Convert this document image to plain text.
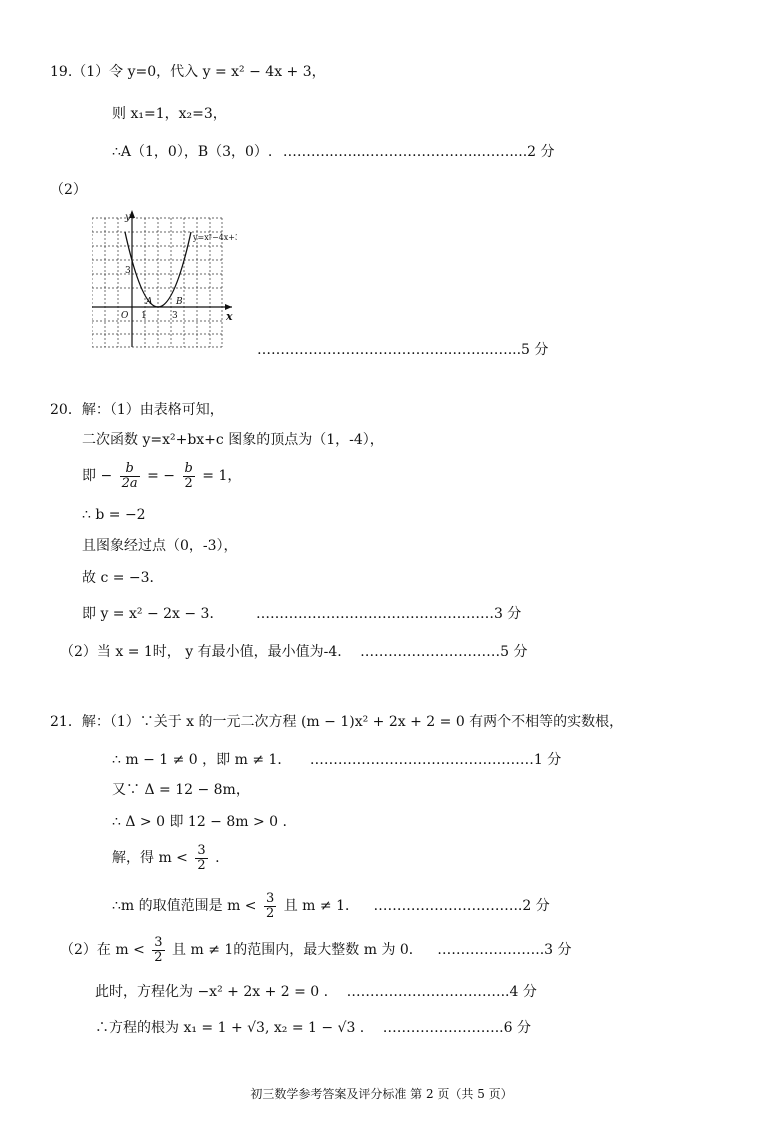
19.（1）令 y=0，代入 y = x² − 4x + 3，
则 x₁=1，x₂=3，
∴A（1，0），B（3，0）. ………...…....…………………...……....2 分
（2）
y
x
O 1	3
3
A	B
y=x²−4x+3
…………………………………...……...…...5 分
20．解：（1）由表格可知，
二次函数 y=x²+bx+c 图象的顶点为（1，-4），
即 − $\frac{b}{2a}$ = − $\frac{b}{2} = 1$，
∴ b = −2
且图象经过点（0，-3），
故 c = −3．
即 y = x² − 2x − 3． ……………………………………………3 分
（2）当 x = 1时， y 有最小值，最小值为-4. …………………………5 分
21．解：（1）∵关于 x 的一元二次方程 (m − 1)x² + 2x + 2 = 0 有两个不相等的实数根，
∴ m − 1 ≠ 0 ，即 m ≠ 1． …………………………………………1 分
又∵ Δ = 12 − 8m，
∴ Δ > 0 即 12 − 8m > 0 .
解，得 $m < \frac{3}{2}$ .
∴m 的取值范围是 $m < \frac{3}{2}$ 且 m ≠ 1． …………………………..2 分
（2）在 $m < \frac{3}{2}$ 且 m ≠ 1的范围内，最大整数 m 为 0． …………………..3 分
此时，方程化为 −x² + 2x + 2 = 0 . ……………………………..4 分
∴方程的根为 x₁ = 1 + √3, x₂ = 1 − √3 . ……………………..6 分
初三数学参考答案及评分标准 第 2 页（共 5 页）
